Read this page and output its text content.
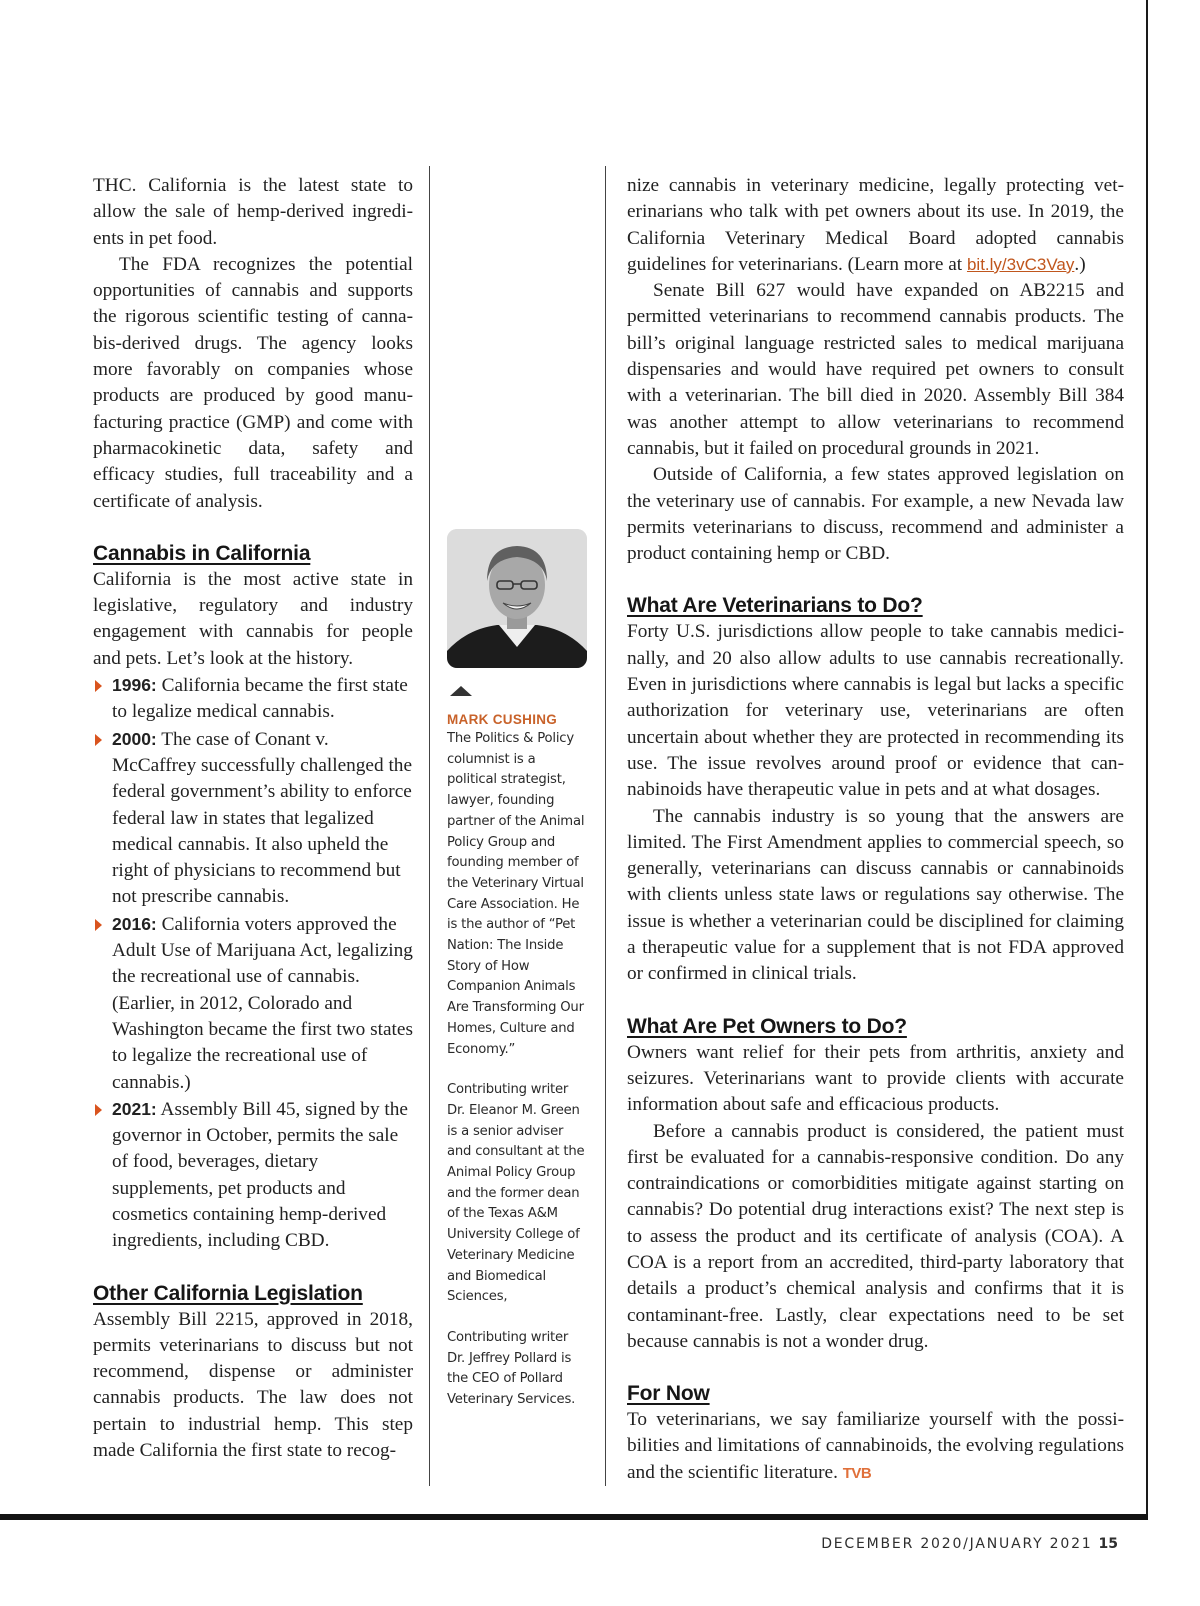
THC. California is the latest state to allow the sale of hemp-derived ingredients in pet food.

The FDA recognizes the potential opportunities of cannabis and supports the rigorous scientific testing of cannabis-derived drugs. The agency looks more favorably on companies whose products are produced by good manufacturing practice (GMP) and come with pharmacokinetic data, safety and efficacy studies, full traceability and a certificate of analysis.

Cannabis in California

California is the most active state in legislative, regulatory and industry engagement with cannabis for people and pets. Let’s look at the history.

1996: California became the first state to legalize medical cannabis.
2000: The case of Conant v. McCaffrey successfully challenged the federal government’s ability to enforce federal law in states that legalized medical cannabis. It also upheld the right of physicians to recommend but not prescribe cannabis.
2016: California voters approved the Adult Use of Marijuana Act, legalizing the recreational use of cannabis. (Earlier, in 2012, Colorado and Washington became the first two states to legalize the recreational use of cannabis.)
2021: Assembly Bill 45, signed by the governor in October, permits the sale of food, beverages, dietary supplements, pet products and cosmetics containing hemp-derived ingredients, including CBD.
Other California Legislation

Assembly Bill 2215, approved in 2018, permits veterinarians to discuss but not recommend, dispense or administer cannabis products. The law does not pertain to industrial hemp. This step made California the first state to recog-

MARK CUSHING

The Politics & Policy columnist is a political strategist, lawyer, founding partner of the Animal Policy Group and founding member of the Veterinary Virtual Care Association. He is the author of “Pet Nation: The Inside Story of How Companion Animals Are Transforming Our Homes, Culture and Economy.”

Contributing writer Dr. Eleanor M. Green is a senior adviser and consultant at the Animal Policy Group and the former dean of the Texas A&M University College of Veterinary Medicine and Biomedical Sciences,

Contributing writer Dr. Jeffrey Pollard is the CEO of Pollard Veterinary Services.

nize cannabis in veterinary medicine, legally protecting veterinarians who talk with pet owners about its use. In 2019, the California Veterinary Medical Board adopted cannabis guidelines for veterinarians. (Learn more at bit.ly/3vC3Vay.)

Senate Bill 627 would have expanded on AB2215 and permitted veterinarians to recommend cannabis products. The bill’s original language restricted sales to medical marijuana dispensaries and would have required pet owners to consult with a veterinarian. The bill died in 2020. Assembly Bill 384 was another attempt to allow veterinarians to recommend cannabis, but it failed on procedural grounds in 2021.

Outside of California, a few states approved legislation on the veterinary use of cannabis. For example, a new Nevada law permits veterinarians to discuss, recommend and administer a product containing hemp or CBD.

What Are Veterinarians to Do?

Forty U.S. jurisdictions allow people to take cannabis medicinally, and 20 also allow adults to use cannabis recreationally. Even in jurisdictions where cannabis is legal but lacks a specific authorization for veterinary use, veterinarians are often uncertain about whether they are protected in recommending its use. The issue revolves around proof or evidence that cannabinoids have therapeutic value in pets and at what dosages.

The cannabis industry is so young that the answers are limited. The First Amendment applies to commercial speech, so generally, veterinarians can discuss cannabis or cannabinoids with clients unless state laws or regulations say otherwise. The issue is whether a veterinarian could be disciplined for claiming a therapeutic value for a supplement that is not FDA approved or confirmed in clinical trials.

What Are Pet Owners to Do?

Owners want relief for their pets from arthritis, anxiety and seizures. Veterinarians want to provide clients with accurate information about safe and efficacious products.

Before a cannabis product is considered, the patient must first be evaluated for a cannabis-responsive condition. Do any contraindications or comorbidities mitigate against starting on cannabis? Do potential drug interactions exist? The next step is to assess the product and its certificate of analysis (COA). A COA is a report from an accredited, third-party laboratory that details a product’s chemical analysis and confirms that it is contaminant-free. Lastly, clear expectations need to be set because cannabis is not a wonder drug.

For Now

To veterinarians, we say familiarize yourself with the possibilities and limitations of cannabinoids, the evolving regulations and the scientific literature. TVB

DECEMBER 2020/JANUARY 2021 15
